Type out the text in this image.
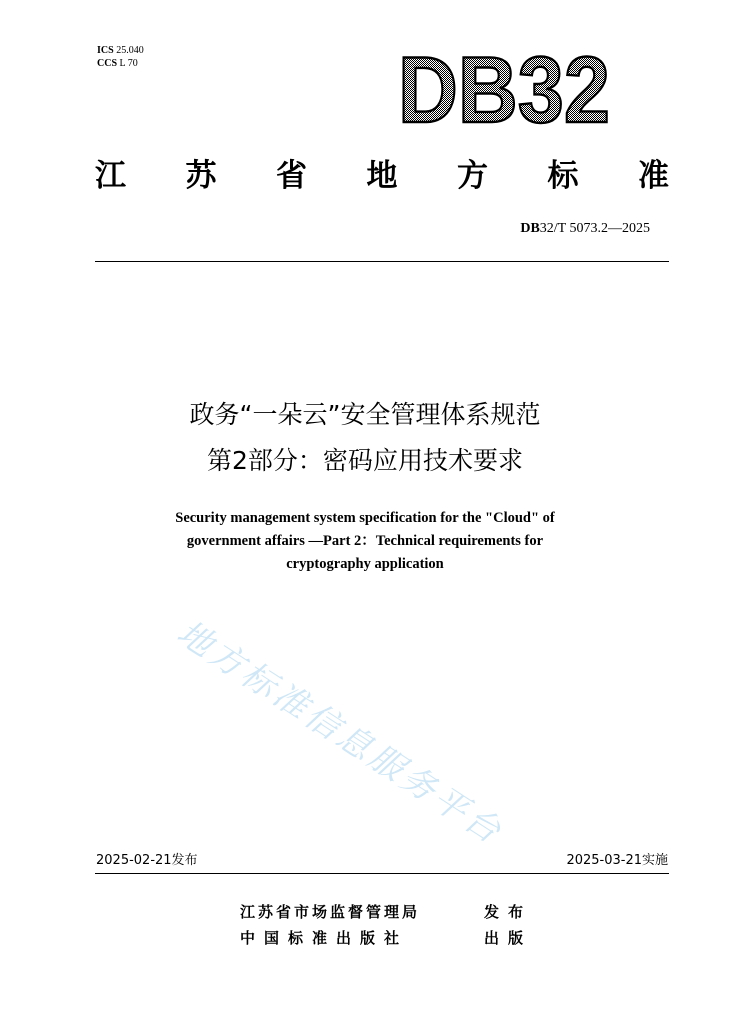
ICS 25.040
CCS L 70	DB32
江 苏 省 地 方 标 准
DB32/T 5073.2—2025
政务“一朵云”安全管理体系规范
第2部分：密码应用技术要求
Security management system specification for the "Cloud" of
government affairs —Part 2：Technical requirements for
cryptography application
地方标准信息服务平台
2025-02-21发布	2025-03-21实施
江苏省市场监督管理局	发布
中国标准出版社	出版
